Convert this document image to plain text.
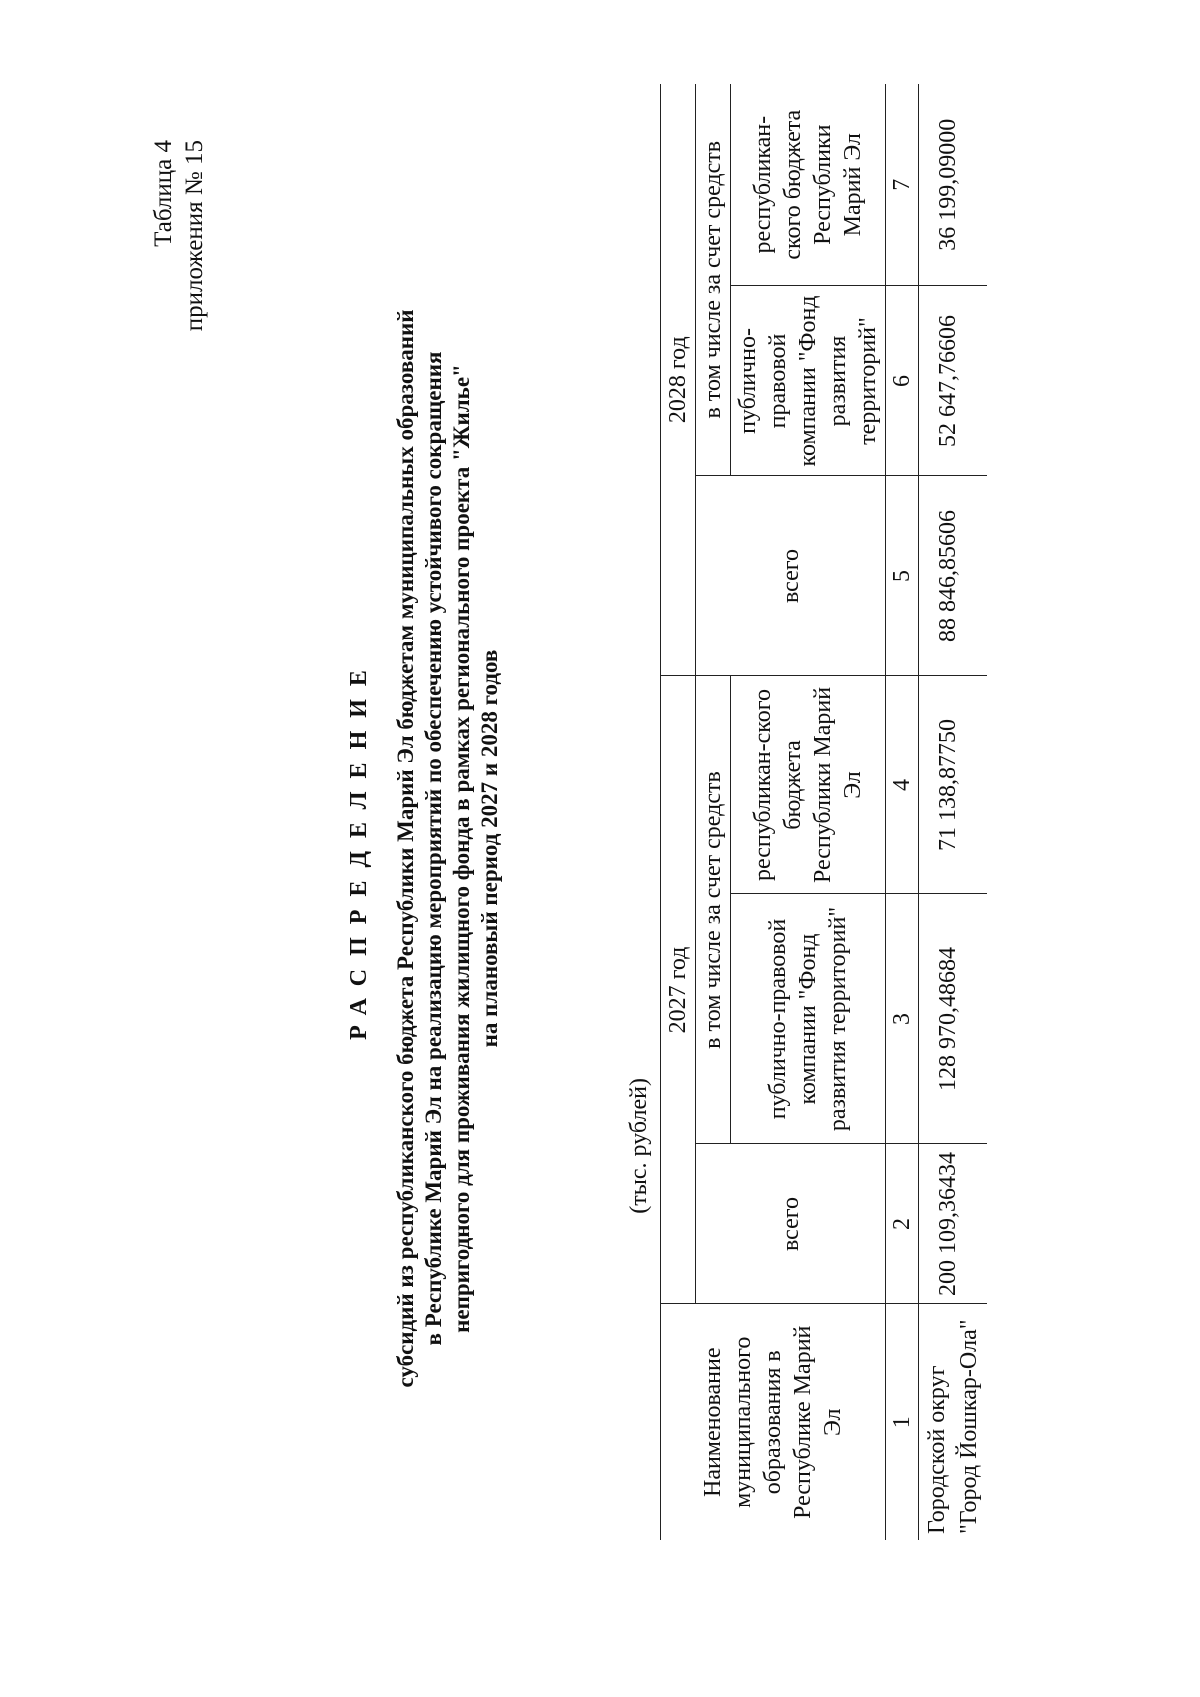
Таблица 4 приложения № 15
РАСПРЕДЕЛЕНИЕ субсидий из республиканского бюджета Республики Марий Эл бюджетам муниципальных образований в Республике Марий Эл на реализацию мероприятий по обеспечению устойчивого сокращения непригодного для проживания жилищного фонда в рамках регионального проекта "Жилье" на плановый период 2027 и 2028 годов
(тыс. рублей)
Наименование муниципального образования в Республике Марий Эл	2027 год			2028 год		
	всего	в том числе за счет средств		всего	в том числе за счет средств	
		публично-правовой компании "Фонд развития территорий"	республикан-ского бюджета Республики Марий Эл		публично-правовой компании "Фонд развития территорий"	республикан-ского бюджета Республики Марий Эл
1	2	3	4	5	6	7
Городской округ "Город Йошкар-Ола"	200 109,36434	128 970,48684	71 138,87750	88 846,85606	52 647,76606	36 199,09000
